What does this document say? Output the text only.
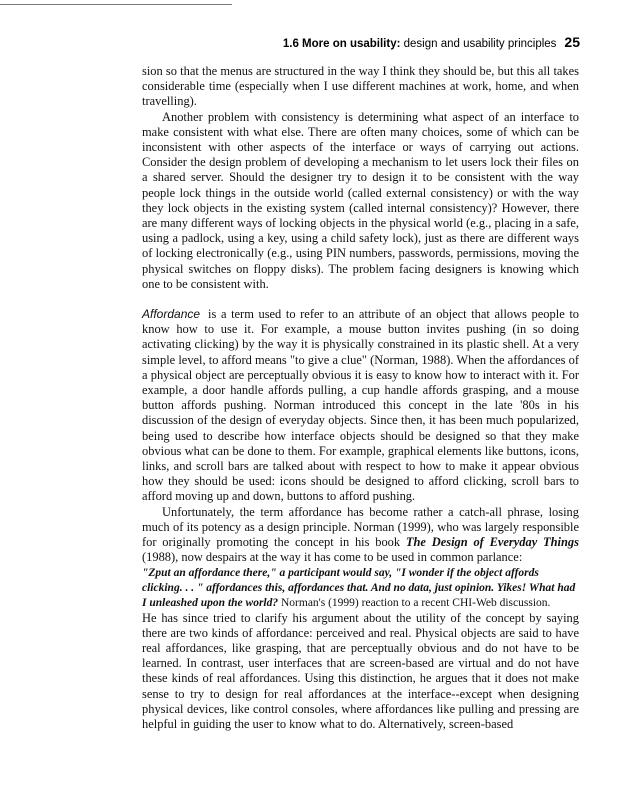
1.6 More on usability: design and usability principles 25

sion so that the menus are structured in the way I think they should be, but this all takes considerable time (especially when I use different machines at work, home, and when travelling).

Another problem with consistency is determining what aspect of an interface to make consistent with what else. There are often many choices, some of which can be inconsistent with other aspects of the interface or ways of carrying out actions. Consider the design problem of developing a mechanism to let users lock their files on a shared server. Should the designer try to design it to be consistent with the way people lock things in the outside world (called external consistency) or with the way they lock objects in the existing system (called internal consistency)? However, there are many different ways of locking objects in the physical world (e.g., placing in a safe, using a padlock, using a key, using a child safety lock), just as there are different ways of locking electronically (e.g., using PIN numbers, passwords, permissions, moving the physical switches on floppy disks). The problem facing designers is knowing which one to be consistent with.

Affordance is a term used to refer to an attribute of an object that allows people to know how to use it. For example, a mouse button invites pushing (in so doing activating clicking) by the way it is physically constrained in its plastic shell. At a very simple level, to afford means "to give a clue" (Norman, 1988). When the affordances of a physical object are perceptually obvious it is easy to know how to interact with it. For example, a door handle affords pulling, a cup handle affords grasping, and a mouse button affords pushing. Norman introduced this concept in the late '80s in his discussion of the design of everyday objects. Since then, it has been much popularized, being used to describe how interface objects should be designed so that they make obvious what can be done to them. For example, graphical elements like buttons, icons, links, and scroll bars are talked about with respect to how to make it appear obvious how they should be used: icons should be designed to afford clicking, scroll bars to afford moving up and down, buttons to afford pushing.

Unfortunately, the term affordance has become rather a catch-all phrase, losing much of its potency as a design principle. Norman (1999), who was largely responsible for originally promoting the concept in his book The Design of Everyday Things (1988), now despairs at the way it has come to be used in common parlance:

"Zput an affordance there," a participant would say, "I wonder if the object affords clicking. . . " affordances this, affordances that. And no data, just opinion. Yikes! What had I unleashed upon the world? Norman's (1999) reaction to a recent CHI-Web discussion.

He has since tried to clarify his argument about the utility of the concept by saying there are two kinds of affordance: perceived and real. Physical objects are said to have real affordances, like grasping, that are perceptually obvious and do not have to be learned. In contrast, user interfaces that are screen-based are virtual and do not have these kinds of real affordances. Using this distinction, he argues that it does not make sense to try to design for real affordances at the interface--except when designing physical devices, like control consoles, where affordances like pulling and pressing are helpful in guiding the user to know what to do. Alternatively, screen-based
